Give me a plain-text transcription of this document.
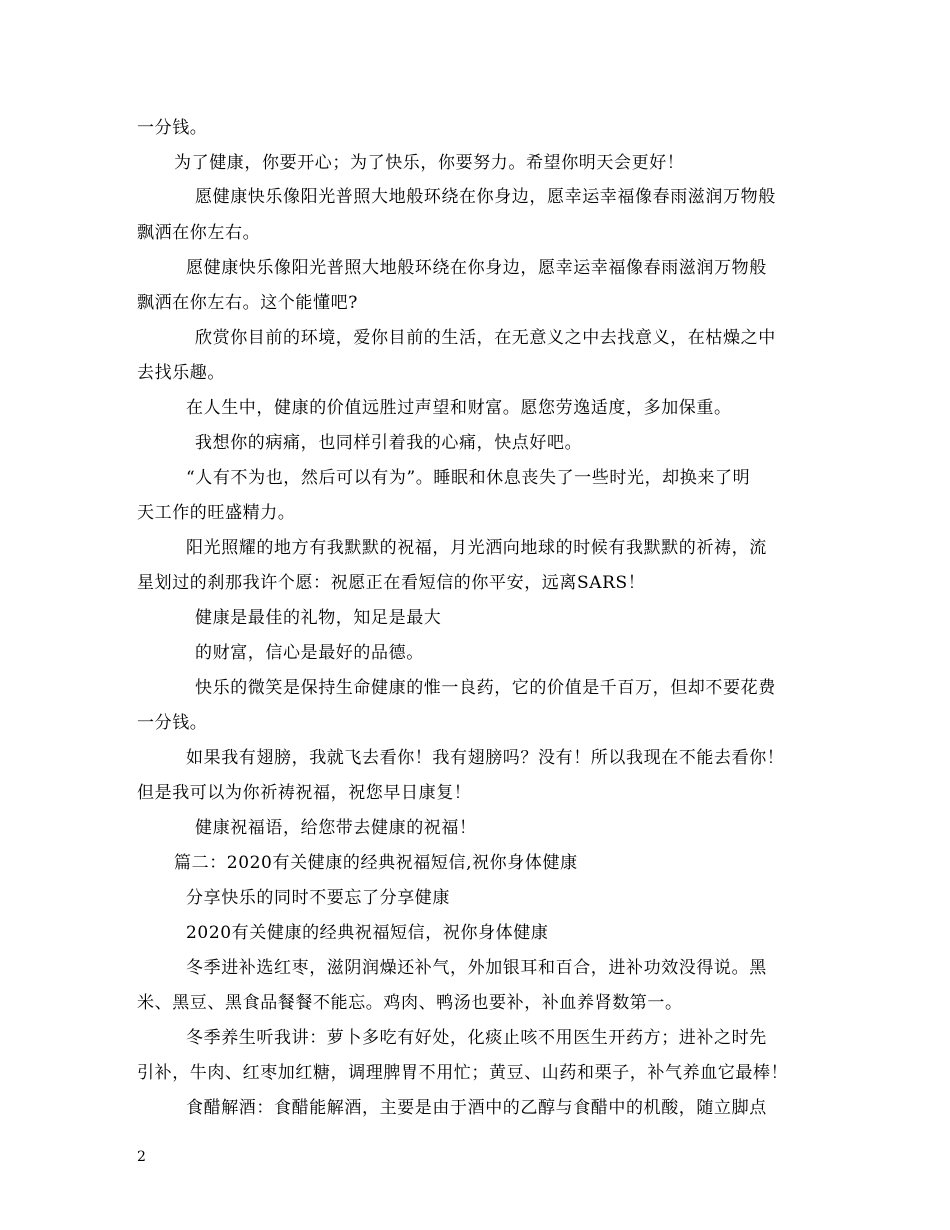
一分钱。
为了健康，你要开心；为了快乐，你要努力。希望你明天会更好！
愿健康快乐像阳光普照大地般环绕在你身边，愿幸运幸福像春雨滋润万物般
飘洒在你左右。
愿健康快乐像阳光普照大地般环绕在你身边，愿幸运幸福像春雨滋润万物般
飘洒在你左右。这个能懂吧?
欣赏你目前的环境，爱你目前的生活，在无意义之中去找意义，在枯燥之中
去找乐趣。
在人生中，健康的价值远胜过声望和财富。愿您劳逸适度，多加保重。
我想你的病痛，也同样引着我的心痛，快点好吧。
“人有不为也，然后可以有为”。睡眠和休息丧失了一些时光，却换来了明
天工作的旺盛精力。
阳光照耀的地方有我默默的祝福，月光洒向地球的时候有我默默的祈祷，流
星划过的刹那我许个愿：祝愿正在看短信的你平安，远离SARS！
健康是最佳的礼物，知足是最大
的财富，信心是最好的品德。
快乐的微笑是保持生命健康的惟一良药，它的价值是千百万，但却不要花费
一分钱。
如果我有翅膀，我就飞去看你！我有翅膀吗？没有！所以我现在不能去看你！
但是我可以为你祈祷祝福，祝您早日康复！
健康祝福语，给您带去健康的祝福！
篇二：2020有关健康的经典祝福短信,祝你身体健康
分享快乐的同时不要忘了分享健康
2020有关健康的经典祝福短信，祝你身体健康
冬季进补选红枣，滋阴润燥还补气，外加银耳和百合，进补功效没得说。黑
米、黑豆、黑食品餐餐不能忘。鸡肉、鸭汤也要补，补血养肾数第一。
冬季养生听我讲：萝卜多吃有好处，化痰止咳不用医生开药方；进补之时先
引补，牛肉、红枣加红糖，调理脾胃不用忙；黄豆、山药和栗子，补气养血它最棒！
食醋解酒：食醋能解酒，主要是由于酒中的乙醇与食醋中的机酸，随立脚点
2
